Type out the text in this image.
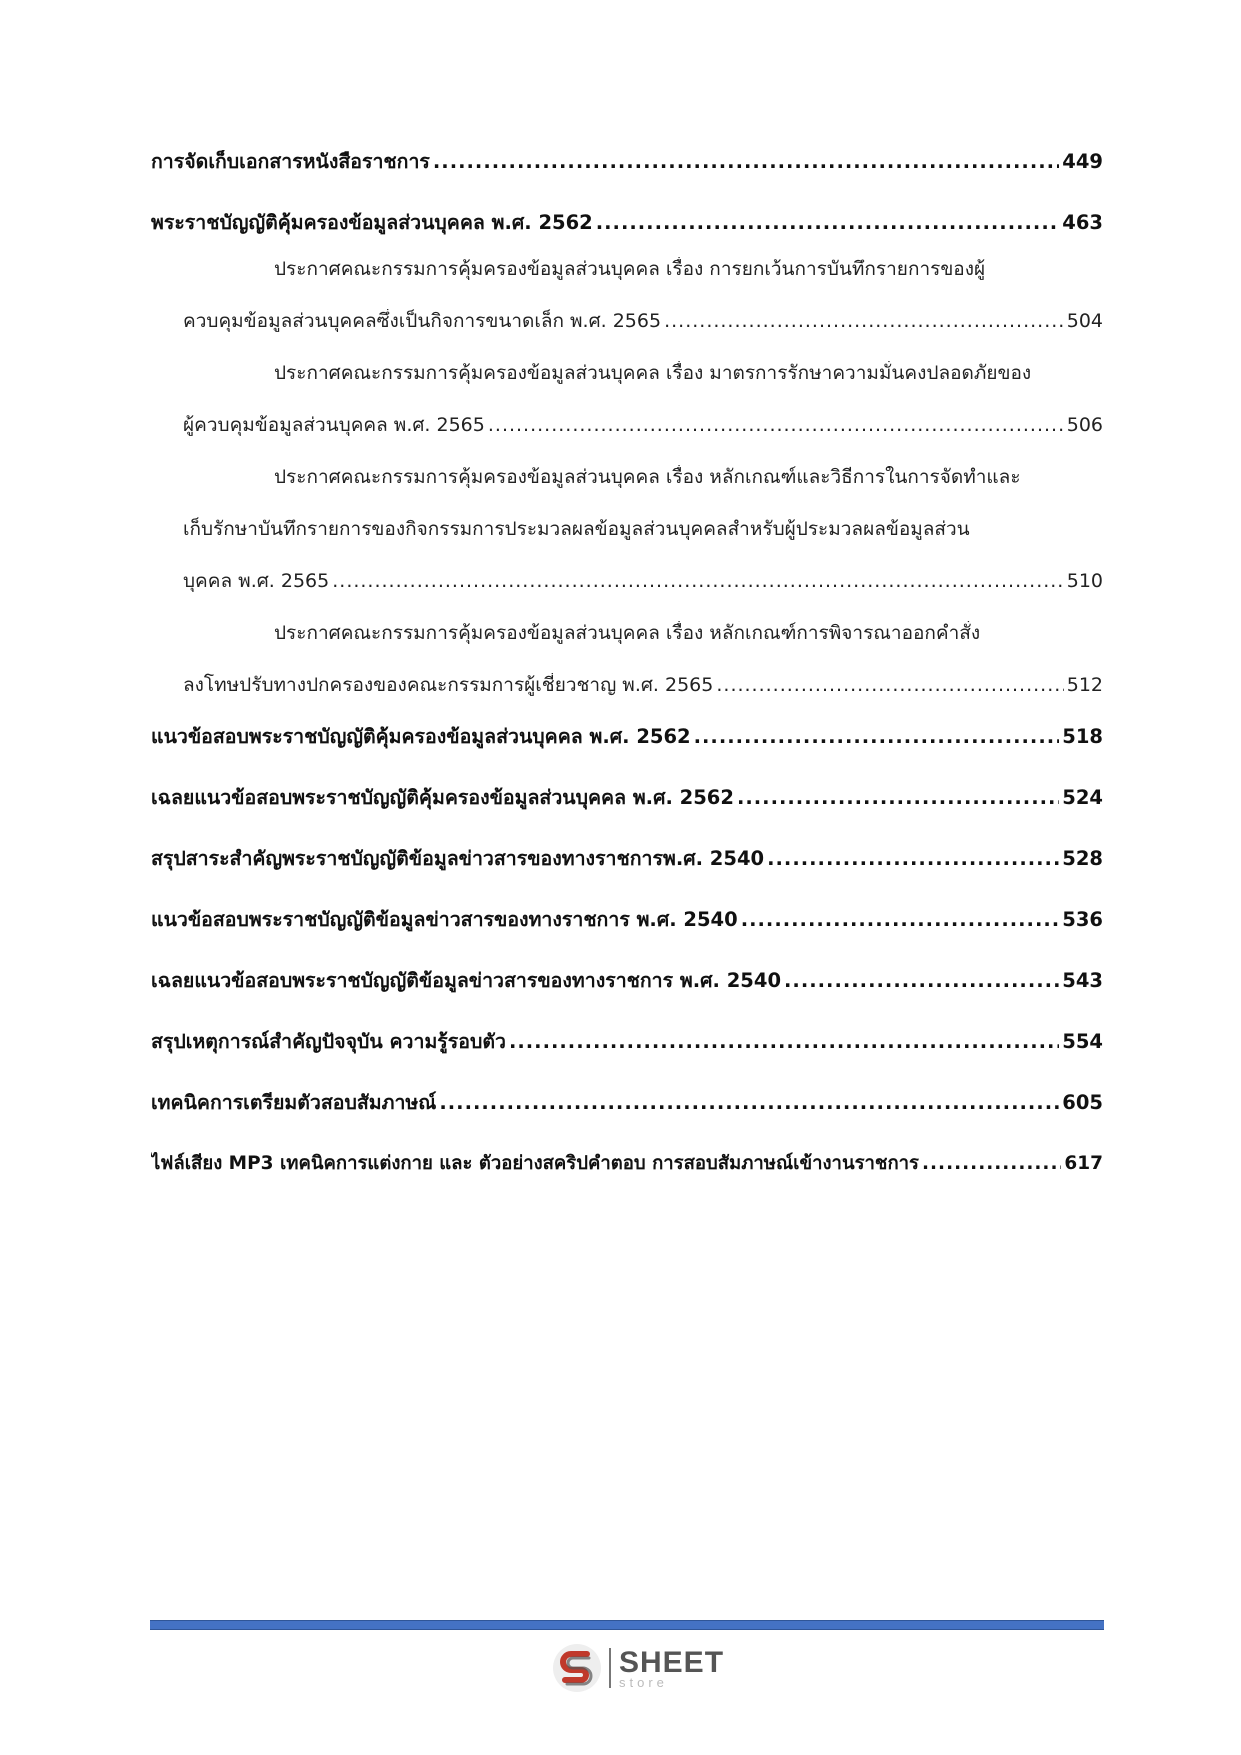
การจัดเก็บเอกสารหนังสือราชการ .....	449
พระราชบัญญัติคุ้มครองข้อมูลส่วนบุคคล พ.ศ. 2562 .....	463
ประกาศคณะกรรมการคุ้มครองข้อมูลส่วนบุคคล เรื่อง การยกเว้นการบันทึกรายการของผู้
ควบคุมข้อมูลส่วนบุคคลซึ่งเป็นกิจการขนาดเล็ก พ.ศ. 2565 .....	504
ประกาศคณะกรรมการคุ้มครองข้อมูลส่วนบุคคล เรื่อง มาตรการรักษาความมั่นคงปลอดภัยของ
ผู้ควบคุมข้อมูลส่วนบุคคล พ.ศ. 2565 .....	506
ประกาศคณะกรรมการคุ้มครองข้อมูลส่วนบุคคล เรื่อง หลักเกณฑ์และวิธีการในการจัดทำและ
เก็บรักษาบันทึกรายการของกิจกรรมการประมวลผลข้อมูลส่วนบุคคลสำหรับผู้ประมวลผลข้อมูลส่วน
บุคคล พ.ศ. 2565 .....	510
ประกาศคณะกรรมการคุ้มครองข้อมูลส่วนบุคคล เรื่อง หลักเกณฑ์การพิจารณาออกคำสั่ง
ลงโทษปรับทางปกครองของคณะกรรมการผู้เชี่ยวชาญ พ.ศ. 2565 .....	512
แนวข้อสอบพระราชบัญญัติคุ้มครองข้อมูลส่วนบุคคล พ.ศ. 2562 .....	518
เฉลยแนวข้อสอบพระราชบัญญัติคุ้มครองข้อมูลส่วนบุคคล พ.ศ. 2562 .....	524
สรุปสาระสำคัญพระราชบัญญัติข้อมูลข่าวสารของทางราชการพ.ศ. 2540 .....	528
แนวข้อสอบพระราชบัญญัติข้อมูลข่าวสารของทางราชการ พ.ศ. 2540 .....	536
เฉลยแนวข้อสอบพระราชบัญญัติข้อมูลข่าวสารของทางราชการ พ.ศ. 2540 .....	543
สรุปเหตุการณ์สำคัญปัจจุบัน ความรู้รอบตัว .....	554
เทคนิคการเตรียมตัวสอบสัมภาษณ์ .....	605
ไฟล์เสียง MP3 เทคนิคการแต่งกาย และ ตัวอย่างสคริปคำตอบ การสอบสัมภาษณ์เข้างานราชการ .....	617
SHEET
store
